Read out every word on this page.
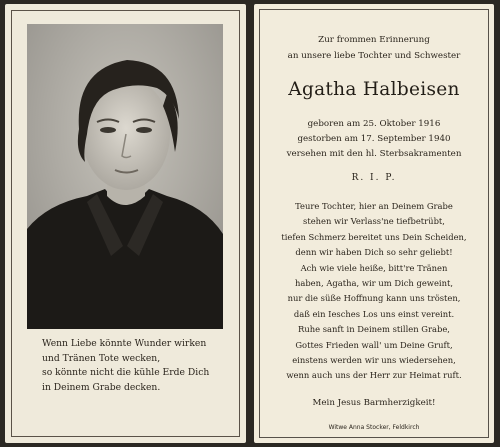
Wenn Liebe könnte Wunder wirken
und Tränen Tote wecken,
so könnte nicht die kühle Erde Dich
in Deinem Grabe decken.
Zur frommen Erinnerung
an unsere liebe Tochter und Schwester
Agatha Halbeisen
geboren am 25. Oktober 1916
gestorben am 17. September 1940
versehen mit den hl. Sterbsakramenten
R. I. P.
Teure Tochter, hier an Deinem Grabe
stehen wir Verlass'ne tiefbetrübt,
tiefen Schmerz bereitet uns Dein Scheiden,
denn wir haben Dich so sehr geliebt!
Ach wie viele heiße, bitt're Tränen
haben, Agatha, wir um Dich geweint,
nur die süße Hoffnung kann uns trösten,
daß ein Iesches Los uns einst vereint.
Ruhe sanft in Deinem stillen Grabe,
Gottes Frieden wall' um Deine Gruft,
einstens werden wir uns wiedersehen,
wenn auch uns der Herr zur Heimat ruft.
Mein Jesus Barmherzigkeit!
Witwe Anna Stocker, Feldkirch
